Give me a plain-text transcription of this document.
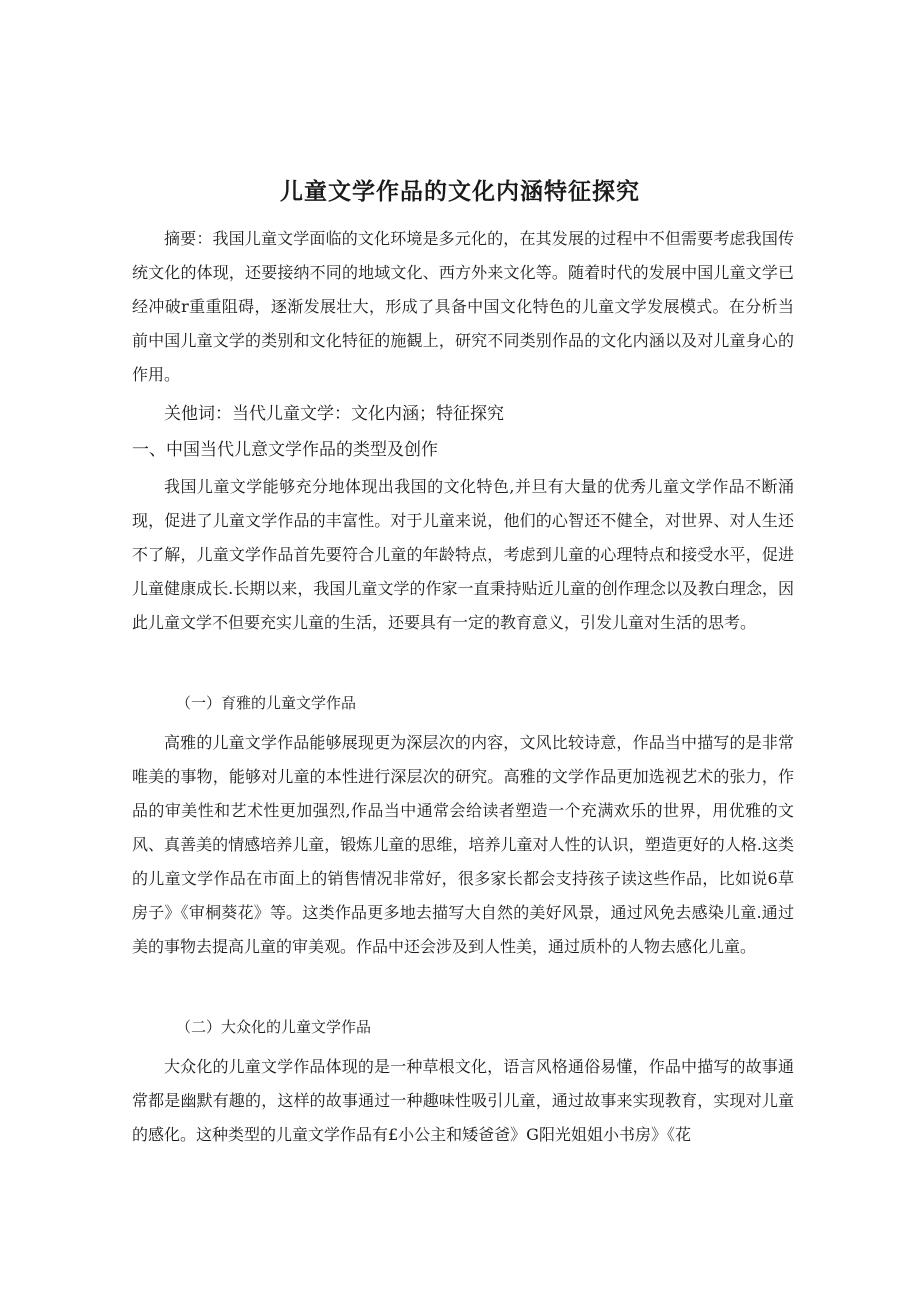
儿童文学作品的文化内涵特征探究

摘要：我国儿童文学面临的文化环境是多元化的，在其发展的过程中不但需要考虑我国传统文化的体现，还要接纳不同的地域文化、西方外来文化等。随着时代的发展中国儿童文学已经冲破r重重阻碍，逐渐发展壮大，形成了具备中国文化特色的儿童文学发展模式。在分析当前中国儿童文学的类别和文化特征的施観上，研究不同类别作品的文化内涵以及对儿童身心的作用。

关他词：当代儿童文学：文化内涵；特征探究

一、中国当代儿意文学作品的类型及创作

我国儿童文学能够充分地体现出我国的文化特色,并旦有大量的优秀儿童文学作品不断涌现，促进了儿童文学作品的丰富性。对于儿童来说，他们的心智还不健全，对世界、对人生还不了解，儿童文学作品首先要符合儿童的年龄特点，考虑到儿童的心理特点和接受水平，促进儿童健康成长.长期以来，我国儿童文学的作家一直秉持贴近儿童的创作理念以及教白理念，因此儿童文学不但要充实儿童的生活，还要具有一定的教育意义，引发儿童对生活的思考。

（一）育雅的儿童文学作品

高雅的儿童文学作品能够展现更为深层次的内容，文风比较诗意，作品当中描写的是非常唯美的事物，能够对儿童的本性进行深层次的研究。高雅的文学作品更加选视艺术的张力，作品的审美性和艺术性更加强烈,作品当中通常会给读者塑造一个充满欢乐的世界，用优雅的文风、真善美的情感培养儿童，锻炼儿童的思维，培养儿童对人性的认识，塑造更好的人格.这类的儿童文学作品在市面上的销售情况非常好，很多家长都会支持孩子读这些作品，比如说6草房子》《审桐葵花》等。这类作品更多地去描写大自然的美好风景，通过风免去感染儿童.通过美的事物去提高儿童的审美观。作品中还会涉及到人性美，通过质朴的人物去感化儿童。

（二）大众化的儿童文学作品

大众化的儿童文学作品体现的是一种草根文化，语言风格通俗易懂，作品中描写的故事通常都是幽默有趣的，这样的故事通过一种趣味性吸引儿童，通过故事来实现教育，实现对儿童的感化。这种类型的儿童文学作品有£小公主和矮爸爸》G阳光姐姐小书房》《花
